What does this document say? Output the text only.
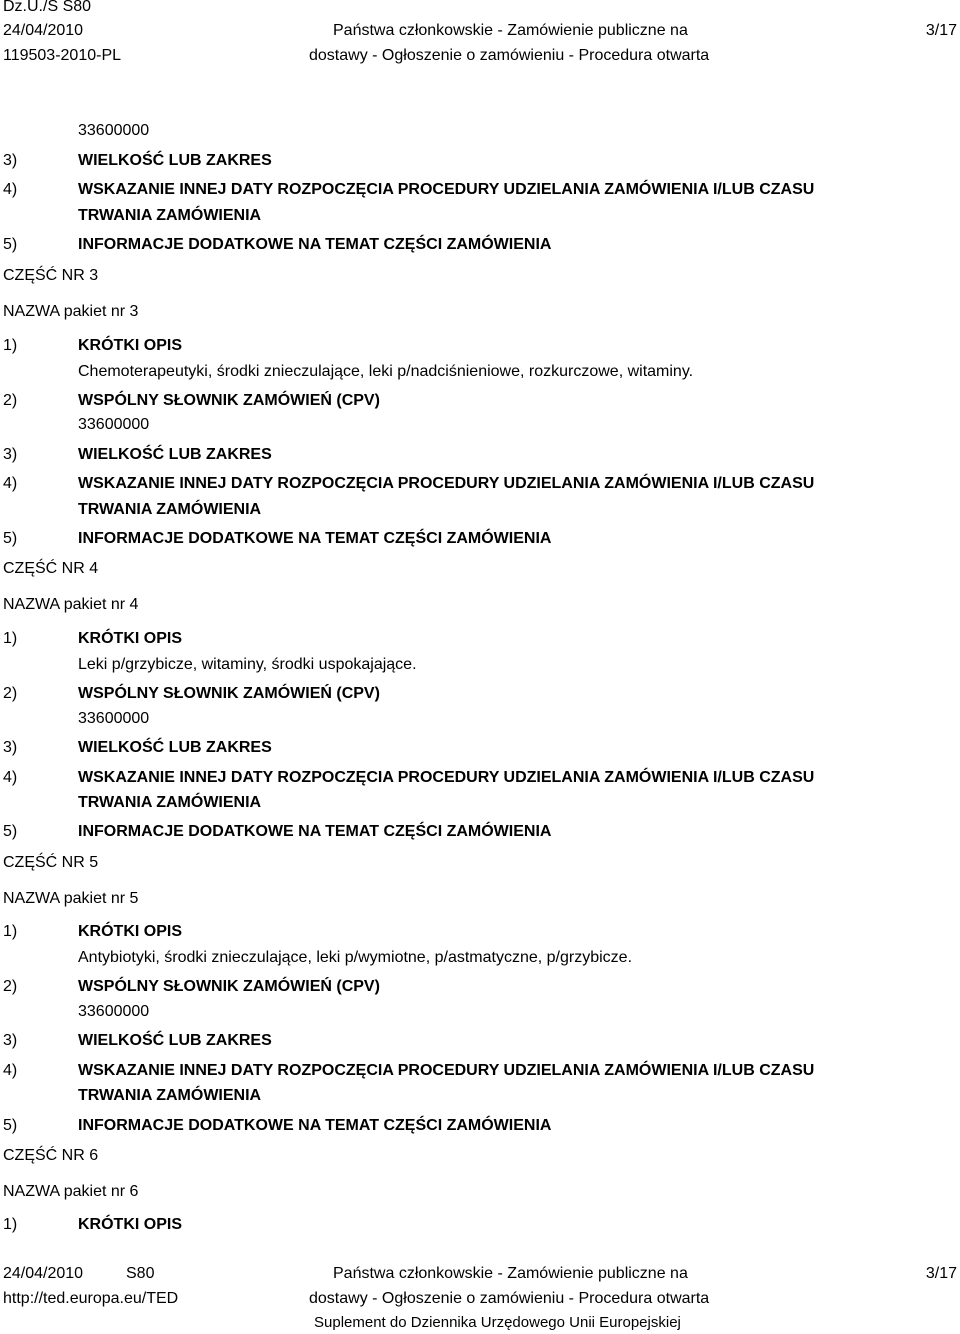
Dz.U./S S80
24/04/2010
119503-2010-PL
Państwa członkowskie - Zamówienie publiczne na
dostawy - Ogłoszenie o zamówieniu - Procedura otwarta
3/17
33600000
3)	WIELKOŚĆ LUB ZAKRES
4)	WSKAZANIE INNEJ DATY ROZPOCZĘCIA PROCEDURY UDZIELANIA ZAMÓWIENIA I/LUB CZASU
TRWANIA ZAMÓWIENIA
5)	INFORMACJE DODATKOWE NA TEMAT CZĘŚCI ZAMÓWIENIA
CZĘŚĆ NR 3
NAZWA pakiet nr 3
1)	KRÓTKI OPIS
Chemoterapeutyki, środki znieczulające, leki p/nadciśnieniowe, rozkurczowe, witaminy.
2)	WSPÓLNY SŁOWNIK ZAMÓWIEŃ (CPV)
33600000
3)	WIELKOŚĆ LUB ZAKRES
4)	WSKAZANIE INNEJ DATY ROZPOCZĘCIA PROCEDURY UDZIELANIA ZAMÓWIENIA I/LUB CZASU
TRWANIA ZAMÓWIENIA
5)	INFORMACJE DODATKOWE NA TEMAT CZĘŚCI ZAMÓWIENIA
CZĘŚĆ NR 4
NAZWA pakiet nr 4
1)	KRÓTKI OPIS
Leki p/grzybicze, witaminy, środki uspokajające.
2)	WSPÓLNY SŁOWNIK ZAMÓWIEŃ (CPV)
33600000
3)	WIELKOŚĆ LUB ZAKRES
4)	WSKAZANIE INNEJ DATY ROZPOCZĘCIA PROCEDURY UDZIELANIA ZAMÓWIENIA I/LUB CZASU
TRWANIA ZAMÓWIENIA
5)	INFORMACJE DODATKOWE NA TEMAT CZĘŚCI ZAMÓWIENIA
CZĘŚĆ NR 5
NAZWA pakiet nr 5
1)	KRÓTKI OPIS
Antybiotyki, środki znieczulające, leki p/wymiotne, p/astmatyczne, p/grzybicze.
2)	WSPÓLNY SŁOWNIK ZAMÓWIEŃ (CPV)
33600000
3)	WIELKOŚĆ LUB ZAKRES
4)	WSKAZANIE INNEJ DATY ROZPOCZĘCIA PROCEDURY UDZIELANIA ZAMÓWIENIA I/LUB CZASU
TRWANIA ZAMÓWIENIA
5)	INFORMACJE DODATKOWE NA TEMAT CZĘŚCI ZAMÓWIENIA
CZĘŚĆ NR 6
NAZWA pakiet nr 6
1)	KRÓTKI OPIS
24/04/2010	S80
http://ted.europa.eu/TED
Państwa członkowskie - Zamówienie publiczne na
dostawy - Ogłoszenie o zamówieniu - Procedura otwarta
Suplement do Dziennika Urzędowego Unii Europejskiej
3/17
